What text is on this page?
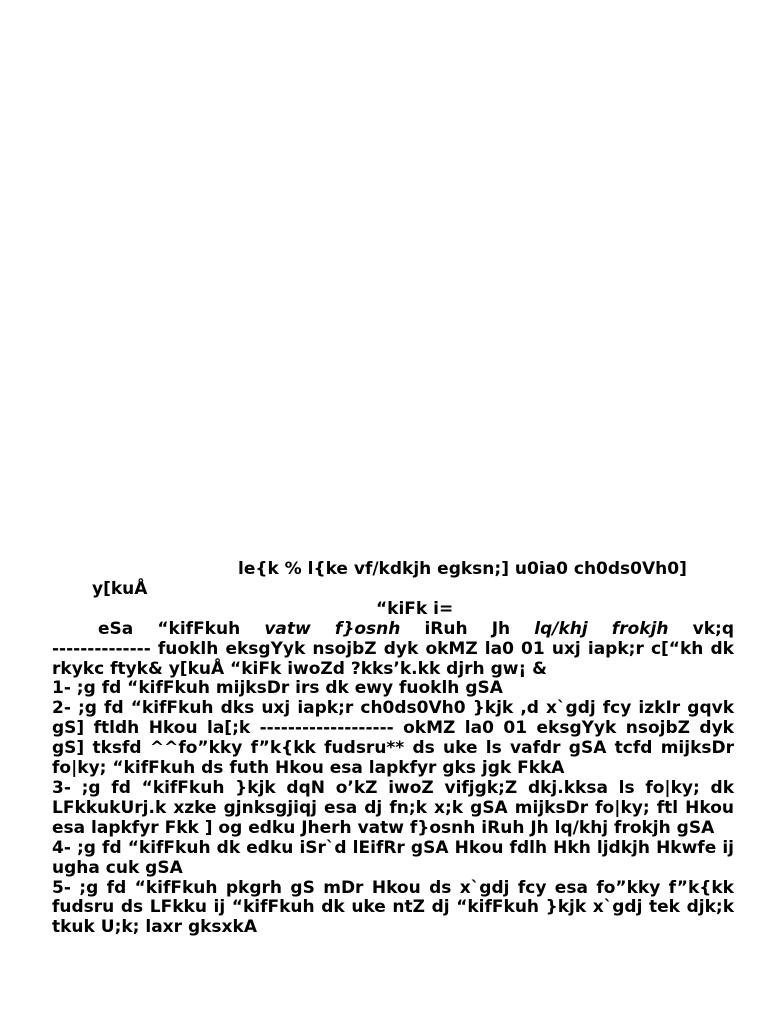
le{k % l{ke vf/kdkjh egksn;] u0ia0 ch0ds0Vh0]
y[kuÅ
“kiFk i=
eSa “kifFkuh vatw f}osnh iRuh Jh lq/khj frokjh vk;q
-------------- fuoklh eksgYyk nsojbZ dyk okMZ la0 01 uxj iapk;r c[“kh dk rkykc ftyk& y[kuÅ “kiFk iwoZd ?kks’k.kk djrh gw¡ &
1- ;g fd “kifFkuh mijksDr irs dk ewy fuoklh gSA
2- ;g fd “kifFkuh dks uxj iapk;r ch0ds0Vh0 }kjk ,d x`gdj fcy izkIr gqvk gS] ftldh Hkou la[;k ------------------- okMZ la0 01 eksgYyk nsojbZ dyk gS] tksfd ^^fo”kky f”k{kk fudsru** ds uke ls vafdr gSA tcfd mijksDr fo|ky; “kifFkuh ds futh Hkou esa lapkfyr gks jgk FkkA
3- ;g fd “kifFkuh }kjk dqN o’kZ iwoZ vifjgk;Z dkj.kksa ls fo|ky; dk LFkkukUrj.k xzke gjnksgjiqj esa dj fn;k x;k gSA mijksDr fo|ky; ftl Hkou esa lapkfyr Fkk ] og edku Jherh vatw f}osnh iRuh Jh lq/khj frokjh gSA
4- ;g fd “kifFkuh dk edku iSr`d lEifRr gSA Hkou fdlh Hkh ljdkjh Hkwfe ij ugha cuk gSA
5- ;g fd “kifFkuh pkgrh gS mDr Hkou ds x`gdj fcy esa fo”kky f”k{kk fudsru ds LFkku ij “kifFkuh dk uke ntZ dj “kifFkuh }kjk x`gdj tek djk;k tkuk U;k; laxr gksxkA
